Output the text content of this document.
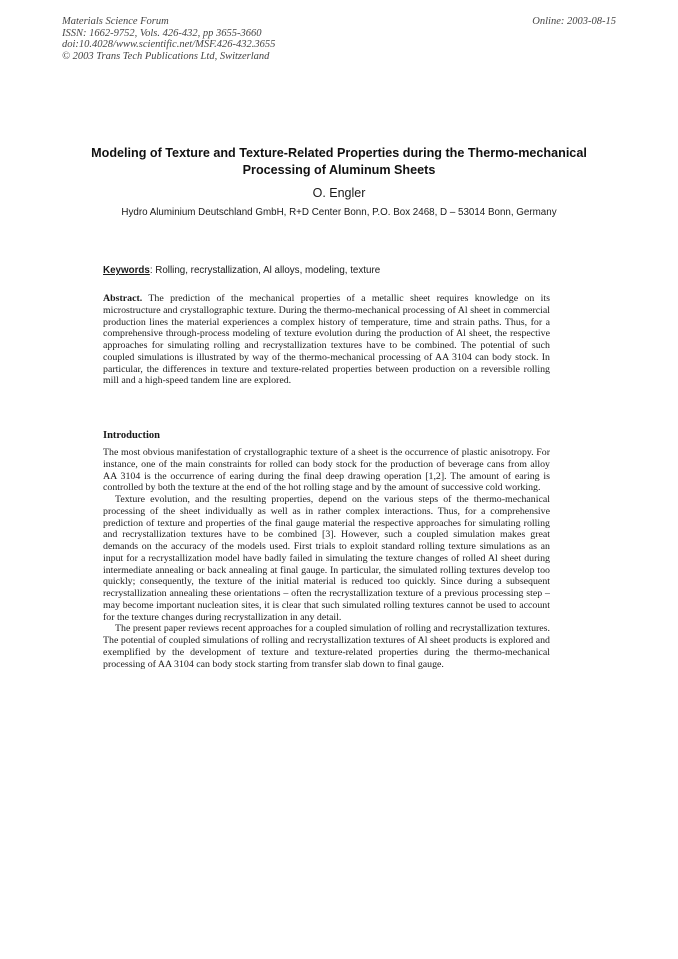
Materials Science Forum
ISSN: 1662-9752, Vols. 426-432, pp 3655-3660
doi:10.4028/www.scientific.net/MSF.426-432.3655
© 2003 Trans Tech Publications Ltd, Switzerland
Online: 2003-08-15
Modeling of Texture and Texture-Related Properties during the Thermo-mechanical Processing of Aluminum Sheets
O. Engler
Hydro Aluminium Deutschland GmbH, R+D Center Bonn, P.O. Box 2468, D – 53014 Bonn, Germany
Keywords: Rolling, recrystallization, Al alloys, modeling, texture

Abstract. The prediction of the mechanical properties of a metallic sheet requires knowledge on its microstructure and crystallographic texture. During the thermo-mechanical processing of Al sheet in commercial production lines the material experiences a complex history of temperature, time and strain paths. Thus, for a comprehensive through-process modeling of texture evolution during the production of Al sheet, the respective approaches for simulating rolling and recrystallization textures have to be combined. The potential of such coupled simulations is illustrated by way of the thermo-mechanical processing of AA 3104 can body stock. In particular, the differences in texture and texture-related properties between production on a reversible rolling mill and a high-speed tandem line are explored.

Introduction

The most obvious manifestation of crystallographic texture of a sheet is the occurrence of plastic anisotropy. For instance, one of the main constraints for rolled can body stock for the production of beverage cans from alloy AA 3104 is the occurrence of earing during the final deep drawing operation [1,2]. The amount of earing is controlled by both the texture at the end of the hot rolling stage and by the amount of successive cold working.

Texture evolution, and the resulting properties, depend on the various steps of the thermo-mechanical processing of the sheet individually as well as in rather complex interactions. Thus, for a comprehensive prediction of texture and properties of the final gauge material the respective approaches for simulating rolling and recrystallization textures have to be combined [3]. However, such a coupled simulation makes great demands on the accuracy of the models used. First trials to exploit standard rolling texture simulations as an input for a recrystallization model have badly failed in simulating the texture changes of rolled Al sheet during intermediate annealing or back annealing at final gauge. In particular, the simulated rolling textures develop too quickly; consequently, the texture of the initial material is reduced too quickly. Since during a subsequent recrystallization annealing these orientations – often the recrystallization texture of a previous processing step – may become important nucleation sites, it is clear that such simulated rolling textures cannot be used to account for the texture changes during recrystallization in any detail.

The present paper reviews recent approaches for a coupled simulation of rolling and recrystallization textures. The potential of coupled simulations of rolling and recrystallization textures of Al sheet products is explored and exemplified by the development of texture and texture-related properties during the thermo-mechanical processing of AA 3104 can body stock starting from transfer slab down to final gauge.
